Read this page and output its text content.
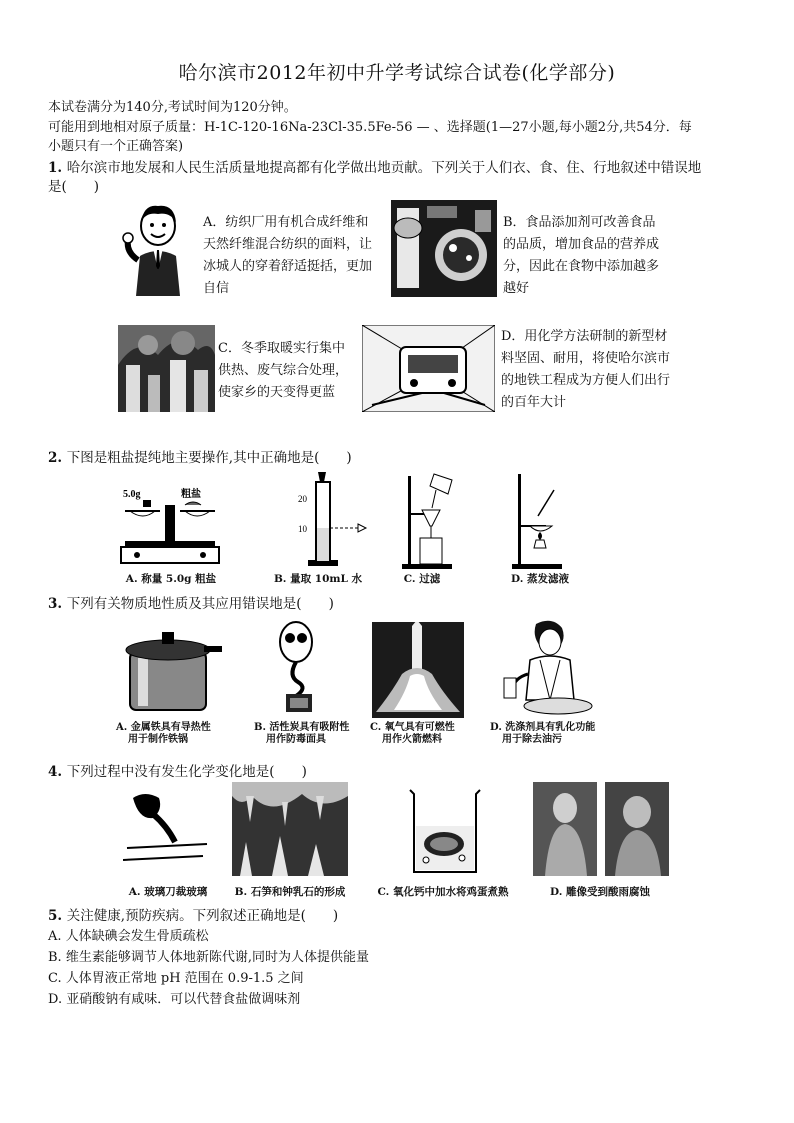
哈尔滨市2012年初中升学考试综合试卷(化学部分)
本试卷满分为140分,考试时间为120分钟。
可能用到地相对原子质量：H-1C-120-16Na-23Cl-35.5Fe-56 — 、选择题(1—27小题,每小题2分,共54分．每
小题只有一个正确答案)
1. 哈尔滨市地发展和人民生活质量地提高都有化学做出地贡献。下列关于人们衣、食、住、行地叙述中错误地
是(　　)
A．纺织厂用有机合成纤维和天然纤维混合纺织的面料，让冰城人的穿着舒适挺括，更加自信
B．食品添加剂可改善食品的品质，增加食品的营养成分，因此在食物中添加越多越好
C．冬季取暖实行集中供热、废气综合处理，使家乡的天变得更蓝
D．用化学方法研制的新型材料坚固、耐用，将使哈尔滨市的地铁工程成为方便人们出行的百年大计
2. 下图是粗盐提纯地主要操作,其中正确地是(　　)
5.0g	粗盐
A. 称量 5.0g 粗盐
20
10
B. 量取 10mL 水	C. 过滤	D. 蒸发滤液
3. 下列有关物质地性质及其应用错误地是(　　)
A. 金属铁具有导热性
用于制作铁锅
B. 活性炭具有吸附性
用作防毒面具
C. 氧气具有可燃性
用作火箭燃料
D. 洗涤剂具有乳化功能
用于除去油污
4. 下列过程中没有发生化学变化地是(　　)
A. 玻璃刀裁玻璃	B. 石笋和钟乳石的形成	C. 氧化钙中加水将鸡蛋煮熟	D. 雕像受到酸雨腐蚀
5. 关注健康,预防疾病。下列叙述正确地是(　　)
A. 人体缺碘会发生骨质疏松
B. 维生素能够调节人体地新陈代谢,同时为人体提供能量
C. 人体胃液正常地 pH 范围在 0.9-1.5 之间
D. 亚硝酸钠有咸味．可以代替食盐做调味剂
